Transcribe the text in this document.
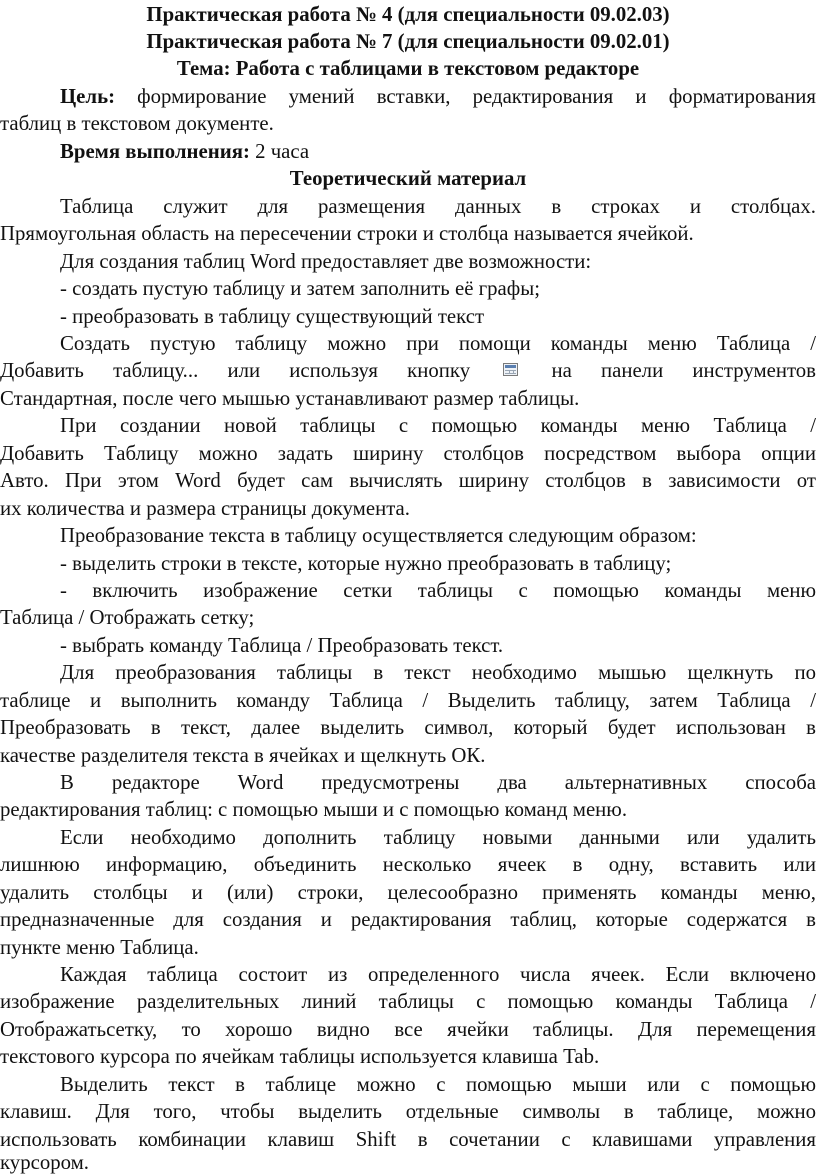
Практическая работа № 4 (для специальности 09.02.03)
Практическая работа № 7 (для специальности 09.02.01)
Тема: Работа с таблицами в текстовом редакторе
Цель: формирование умений вставки, редактирования и форматирования
таблиц в текстовом документе.
Время выполнения: 2 часа
Теоретический материал
Таблица служит для размещения данных в строках и столбцах.
Прямоугольная область на пересечении строки и столбца называется ячейкой.
Для создания таблиц Word предоставляет две возможности:
- создать пустую таблицу и затем заполнить её графы;
- преобразовать в таблицу существующий текст
Создать пустую таблицу можно при помощи команды меню Таблица /
Добавить таблицу... или используя кнопку	на панели инструментов
Стандартная, после чего мышью устанавливают размер таблицы.
При создании новой таблицы с помощью команды меню Таблица /
Добавить Таблицу можно задать ширину столбцов посредством выбора опции
Авто. При этом Word будет сам вычислять ширину столбцов в зависимости от
их количества и размера страницы документа.
Преобразование текста в таблицу осуществляется следующим образом:
- выделить строки в тексте, которые нужно преобразовать в таблицу;
- включить изображение сетки таблицы с помощью команды меню
Таблица / Отображать сетку;
- выбрать команду Таблица / Преобразовать текст.
Для преобразования таблицы в текст необходимо мышью щелкнуть по
таблице и выполнить команду Таблица / Выделить таблицу, затем Таблица /
Преобразовать в текст, далее выделить символ, который будет использован в
качестве разделителя текста в ячейках и щелкнуть ОК.
В редакторе Word предусмотрены два альтернативных способа
редактирования таблиц: с помощью мыши и с помощью команд меню.
Если необходимо дополнить таблицу новыми данными или удалить
лишнюю информацию, объединить несколько ячеек в одну, вставить или
удалить столбцы и (или) строки, целесообразно применять команды меню,
предназначенные для создания и редактирования таблиц, которые содержатся в
пункте меню Таблица.
Каждая таблица состоит из определенного числа ячеек. Если включено
изображение разделительных линий таблицы с помощью команды Таблица /
Отображатьсетку, то хорошо видно все ячейки таблицы. Для перемещения
текстового курсора по ячейкам таблицы используется клавиша Tab.
Выделить текст в таблице можно с помощью мыши или с помощью
клавиш. Для того, чтобы выделить отдельные символы в таблице, можно
использовать комбинации клавиш Shift в сочетании с клавишами управления
курсором.
